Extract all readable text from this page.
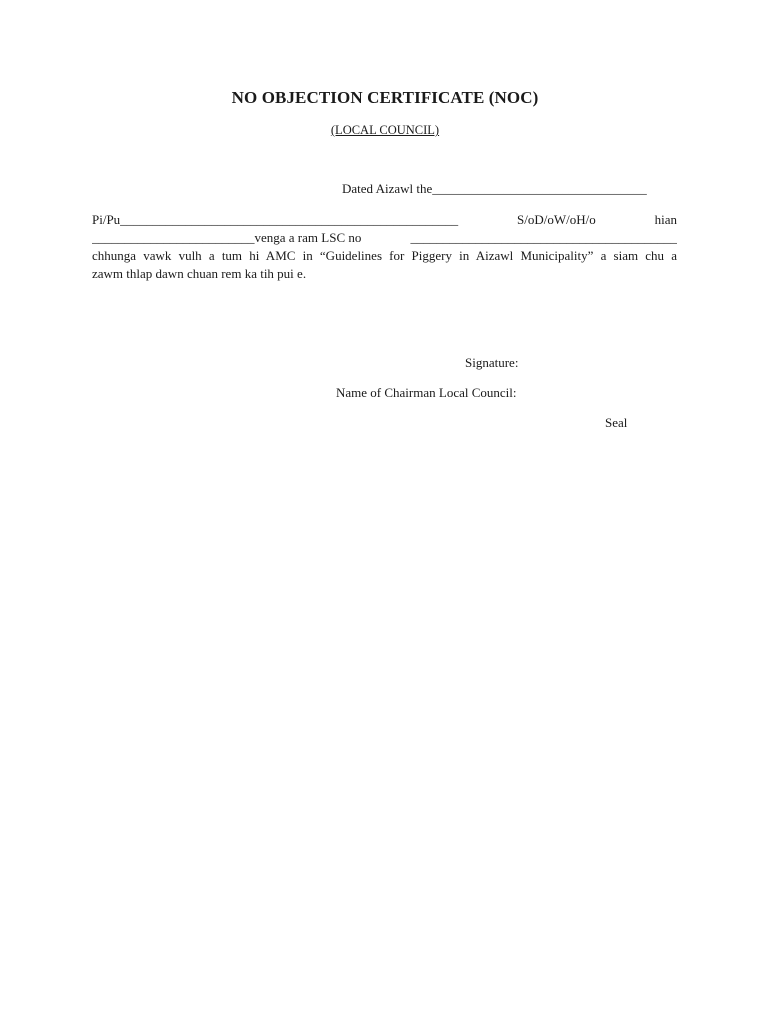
NO OBJECTION CERTIFICATE (NOC)
(LOCAL COUNCIL)
Dated Aizawl the_________________________________
Pi/Pu____________________________________________________	S/oD/oW/oH/o	hian
_________________________venga a ram LSC no	_________________________________________
chhunga vawk vulh a tum hi AMC in “Guidelines for Piggery in Aizawl Municipality” a siam chu a
zawm thlap dawn chuan rem ka tih pui e.
Signature:
Name of Chairman Local Council:
Seal
